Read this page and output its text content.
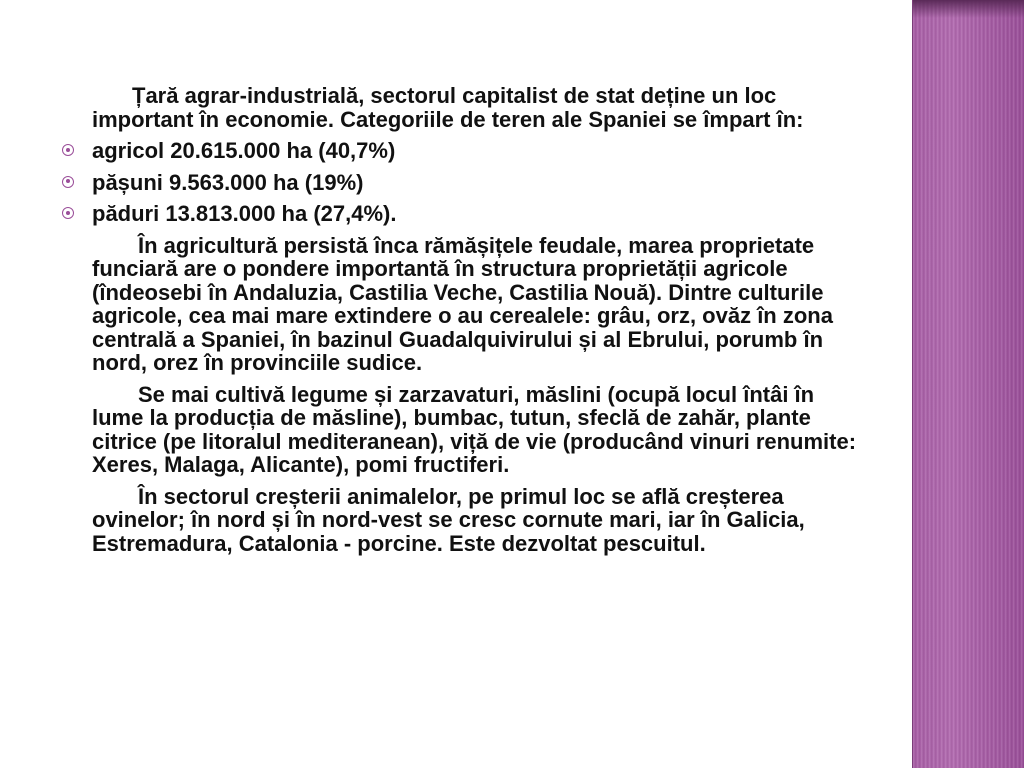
Țară agrar-industrială, sectorul capitalist de stat deține un loc important în economie. Categoriile de teren ale Spaniei se împart în:

agricol 20.615.000 ha (40,7%)
pășuni 9.563.000 ha (19%)
păduri 13.813.000 ha (27,4%).

În agricultură persistă înca rămășițele feudale, marea proprietate funciară are o pondere importantă în structura proprietății agricole (îndeosebi în Andaluzia, Castilia Veche, Castilia Nouă). Dintre culturile agricole, cea mai mare extindere o au cerealele: grâu, orz, ovăz în zona centrală a Spaniei, în bazinul Guadalquivirului și al Ebrului, porumb în nord, orez în provinciile sudice.

Se mai cultivă legume și zarzavaturi, măslini (ocupă locul întâi în lume la producția de măsline), bumbac, tutun, sfeclă de zahăr, plante citrice (pe litoralul mediteranean), viță de vie (producând vinuri renumite: Xeres, Malaga, Alicante), pomi fructiferi.

În sectorul creșterii animalelor, pe primul loc se află creșterea ovinelor; în nord și în nord-vest se cresc cornute mari, iar în Galicia, Estremadura, Catalonia - porcine. Este dezvoltat pescuitul.
